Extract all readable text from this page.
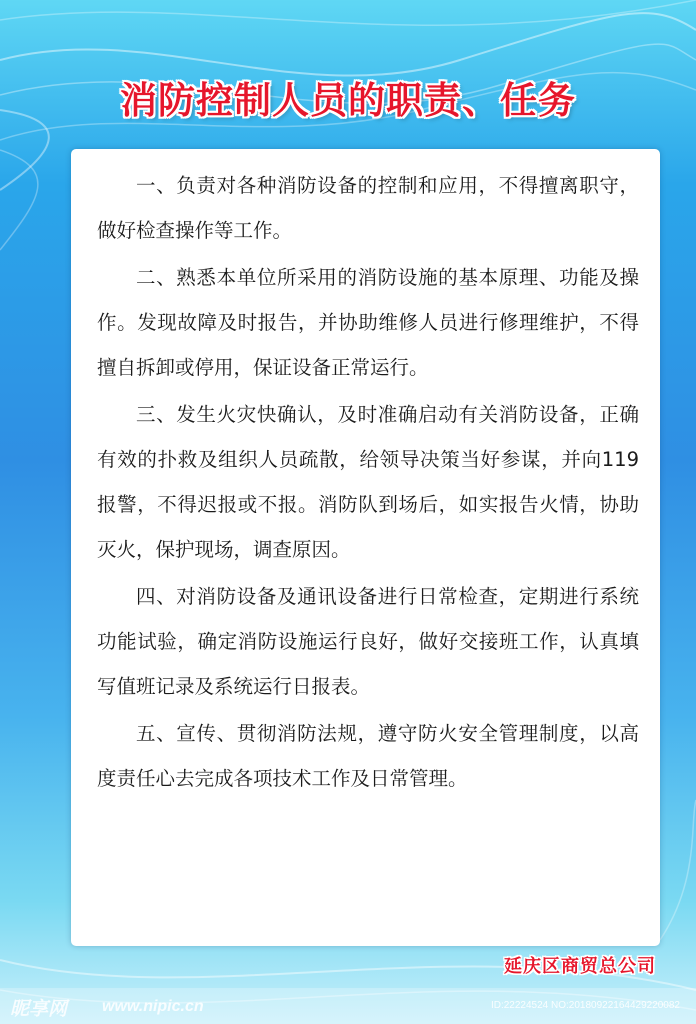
消防控制人员的职责、任务

一、负责对各种消防设备的控制和应用，不得擅离职守，做好检查操作等工作。

二、熟悉本单位所采用的消防设施的基本原理、功能及操作。发现故障及时报告，并协助维修人员进行修理维护，不得擅自拆卸或停用，保证设备正常运行。

三、发生火灾快确认，及时准确启动有关消防设备，正确有效的扑救及组织人员疏散，给领导决策当好参谋，并向119报警，不得迟报或不报。消防队到场后，如实报告火情，协助灭火，保护现场，调查原因。

四、对消防设备及通讯设备进行日常检查，定期进行系统功能试验，确定消防设施运行良好，做好交接班工作，认真填写值班记录及系统运行日报表。

五、宣传、贯彻消防法规，遵守防火安全管理制度，以高度责任心去完成各项技术工作及日常管理。

延庆区商贸总公司
昵享网 www.nipic.cn	ID:22224524 NO:20180922164429220082
